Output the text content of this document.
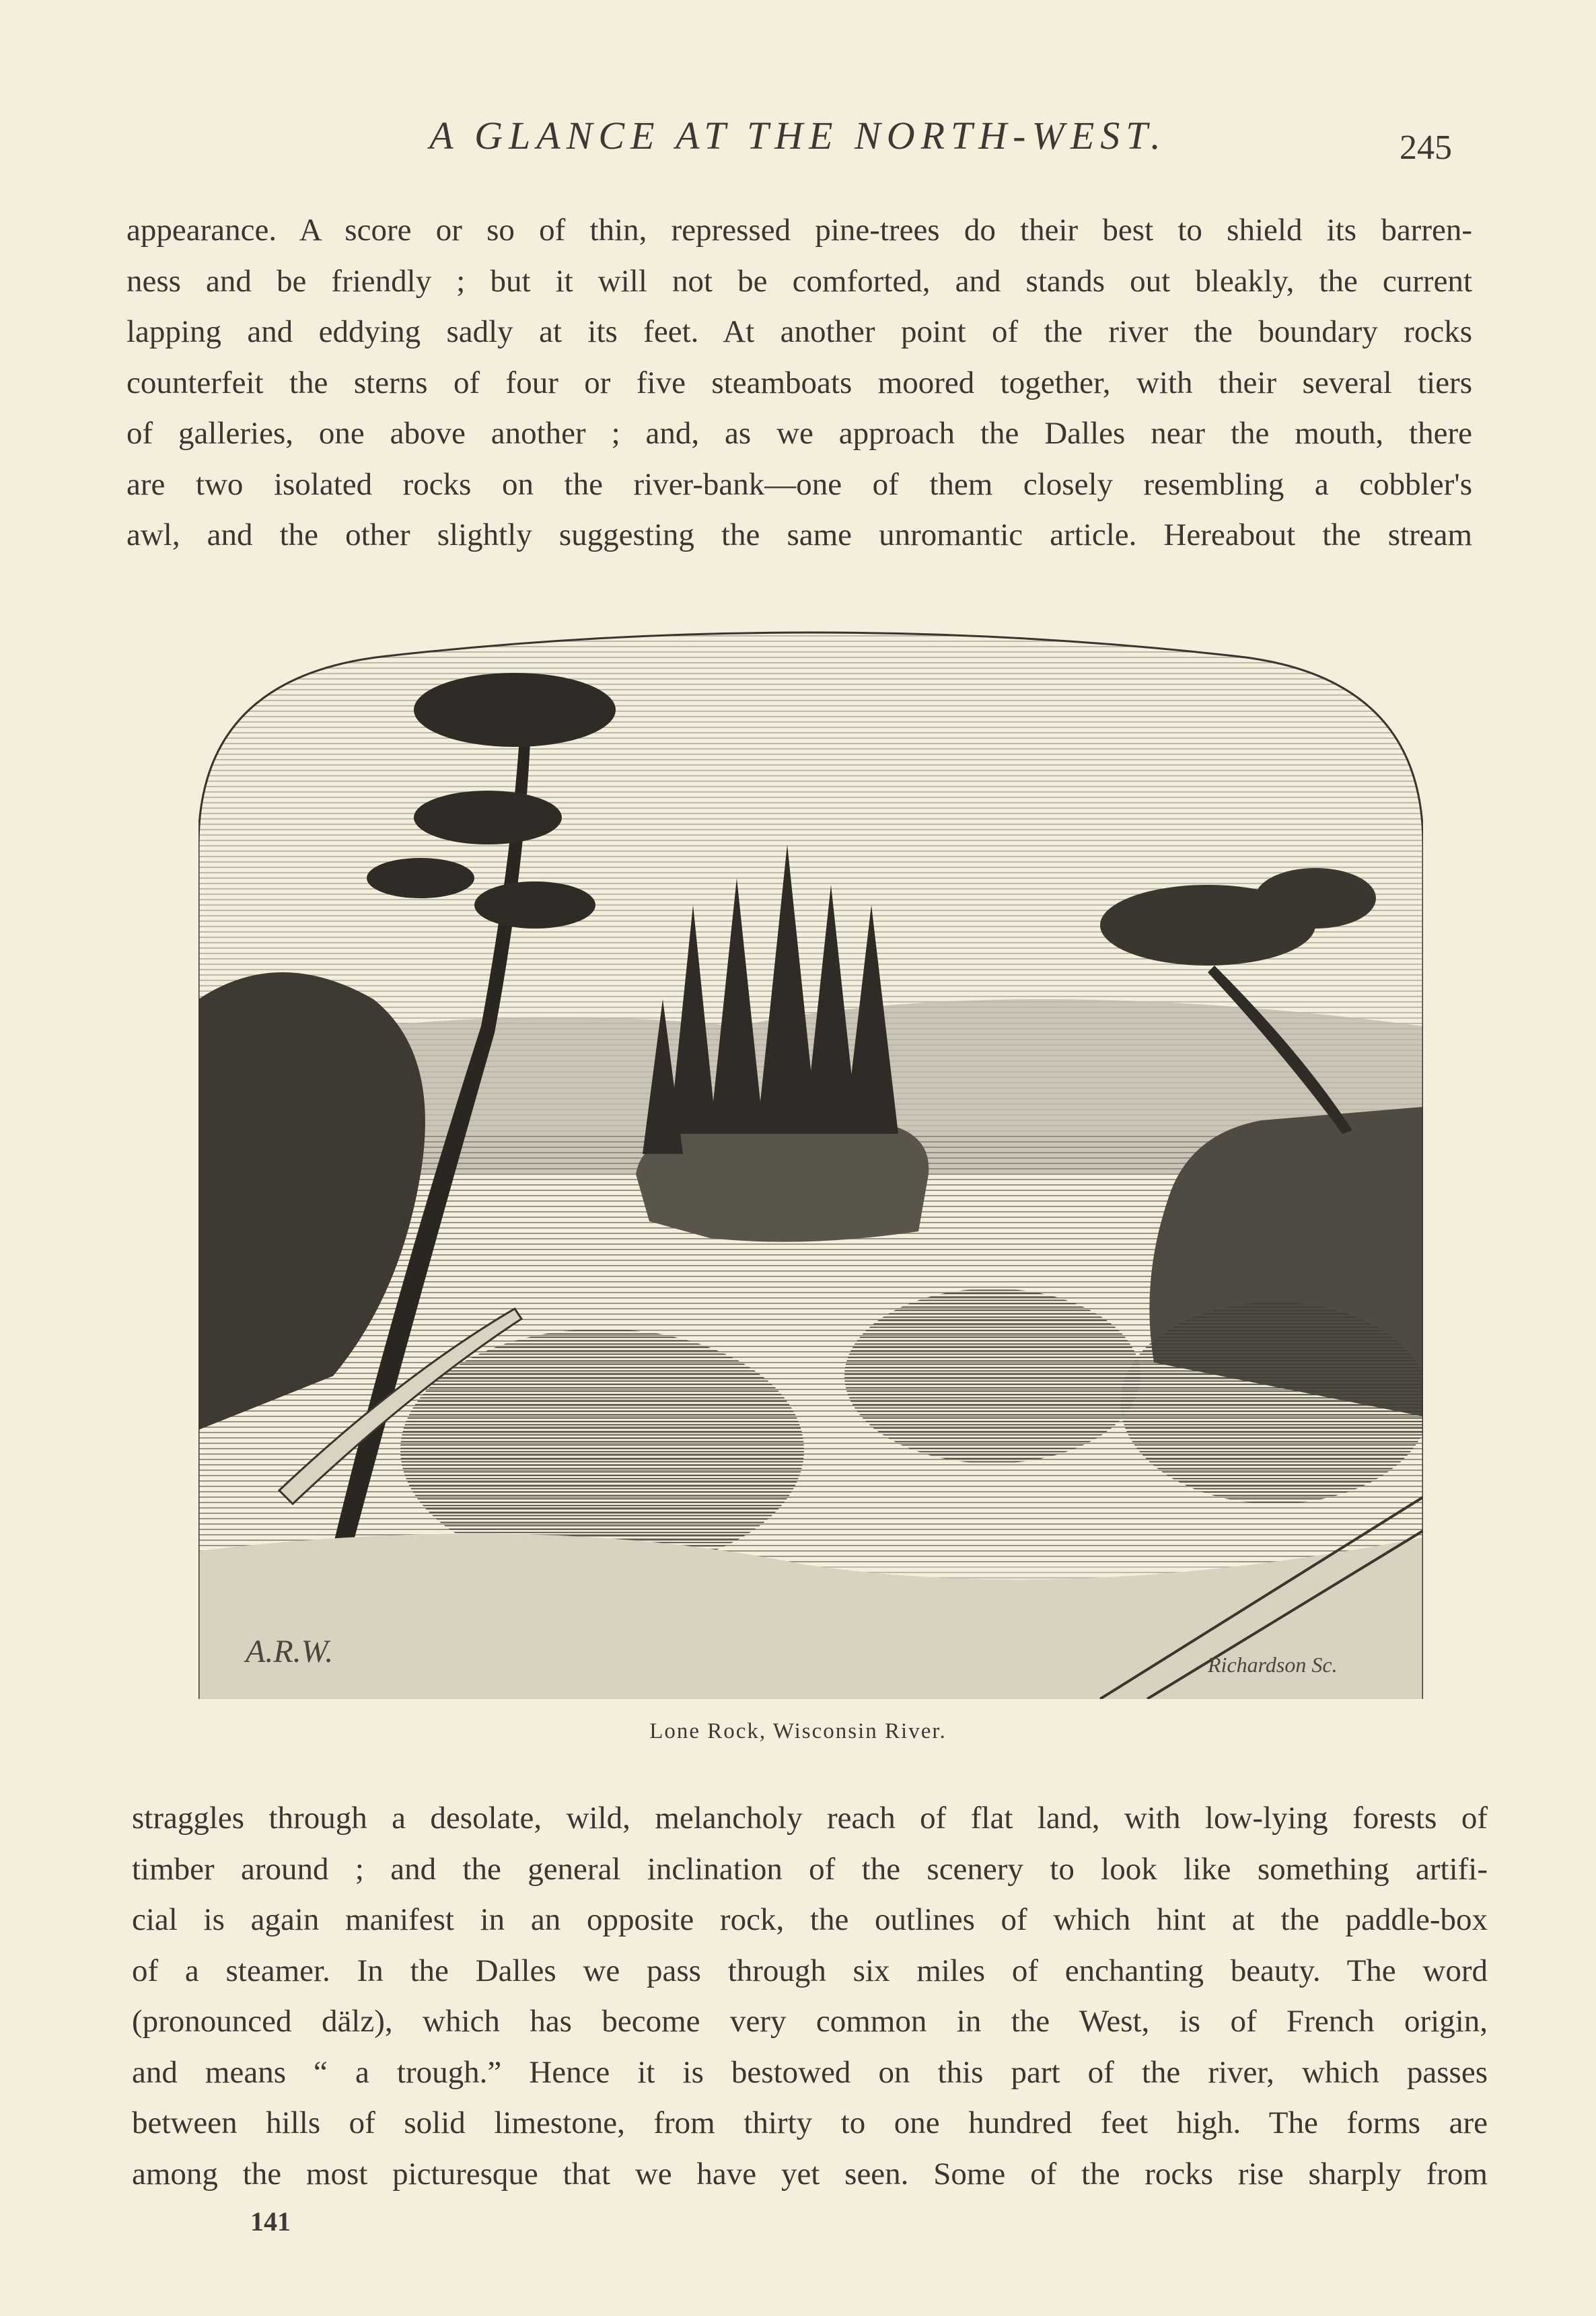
A GLANCE AT THE NORTH-WEST.	245
appearance. A score or so of thin, repressed pine-trees do their best to shield its barren-
ness and be friendly ; but it will not be comforted, and stands out bleakly, the current
lapping and eddying sadly at its feet. At another point of the river the boundary rocks
counterfeit the sterns of four or five steamboats moored together, with their several tiers
of galleries, one above another ; and, as we approach the Dalles near the mouth, there
are two isolated rocks on the river-bank—one of them closely resembling a cobbler's
awl, and the other slightly suggesting the same unromantic article. Hereabout the stream
A.R.W.	Richardson Sc.
Lone Rock, Wisconsin River.
straggles through a desolate, wild, melancholy reach of flat land, with low-lying forests of
timber around ; and the general inclination of the scenery to look like something artifi-
cial is again manifest in an opposite rock, the outlines of which hint at the paddle-box
of a steamer. In the Dalles we pass through six miles of enchanting beauty. The word
(pronounced dälz), which has become very common in the West, is of French origin,
and means “ a trough.” Hence it is bestowed on this part of the river, which passes
between hills of solid limestone, from thirty to one hundred feet high. The forms are
among the most picturesque that we have yet seen. Some of the rocks rise sharply from
141
